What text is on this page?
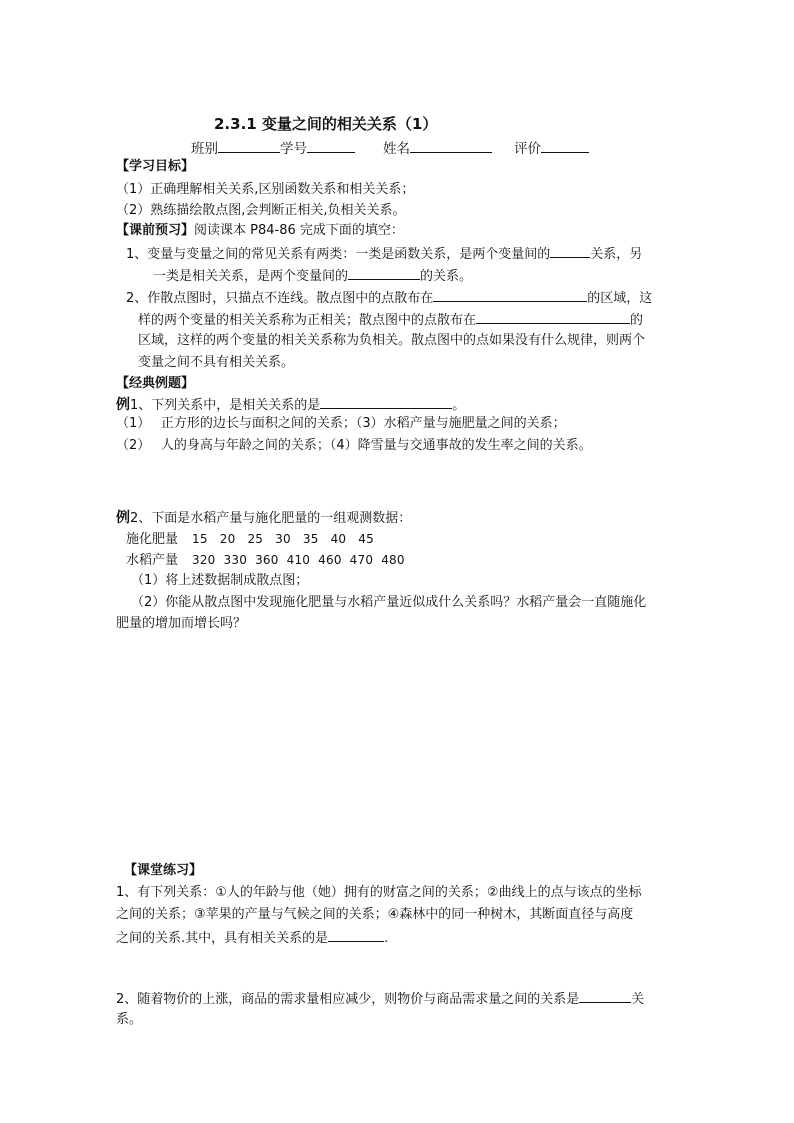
2.3.1 变量之间的相关关系（1）
班别	学号	姓名	评价
【学习目标】
（1）正确理解相关关系,区别函数关系和相关关系；
（2）熟练描绘散点图,会判断正相关,负相关关系。
【课前预习】阅读课本 P84-86 完成下面的填空：
1、变量与变量之间的常见关系有两类：一类是函数关系，是两个变量间的	关系，另
一类是相关关系，是两个变量间的	的关系。
2、作散点图时，只描点不连线。散点图中的点散布在	的区域，这
样的两个变量的相关关系称为正相关；散点图中的点散布在	的
区域，这样的两个变量的相关关系称为负相关。散点图中的点如果没有什么规律，则两个
变量之间不具有相关关系。
【经典例题】
例1、下列关系中，是相关关系的是	。
（1）　 正方形的边长与面积之间的关系；（3）水稻产量与施肥量之间的关系；
（2）　 人的身高与年龄之间的关系；（4）降雪量与交通事故的发生率之间的关系。
例2、下面是水稻产量与施化肥量的一组观测数据：
施化肥量 15   20   25   30   35   40   45
水稻产量 320  330  360  410  460  470  480
（1）将上述数据制成散点图；
（2）你能从散点图中发现施化肥量与水稻产量近似成什么关系吗？水稻产量会一直随施化
肥量的增加而增长吗？
【课堂练习】
1、有下列关系：①人的年龄与他（她）拥有的财富之间的关系；②曲线上的点与该点的坐标
之间的关系；③苹果的产量与气候之间的关系；④森林中的同一种树木，其断面直径与高度
之间的关系.其中，具有相关关系的是	.
2、随着物价的上涨，商品的需求量相应减少，则物价与商品需求量之间的关系是	关
系。
